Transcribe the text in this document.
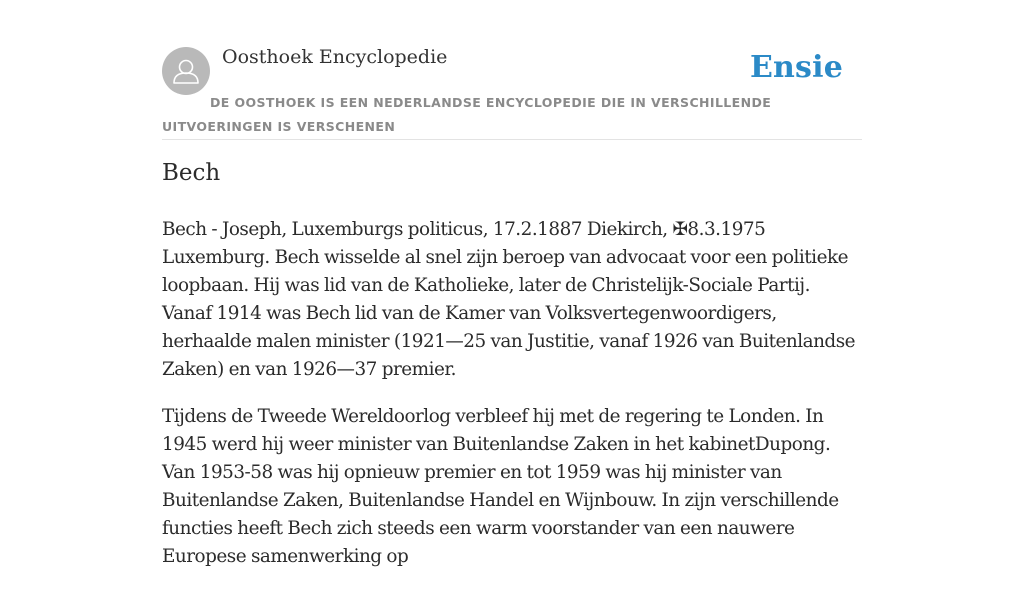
Oosthoek Encyclopedie	Ensie
DE OOSTHOEK IS EEN NEDERLANDSE ENCYCLOPEDIE DIE IN VERSCHILLENDE UITVOERINGEN IS VERSCHENEN
Bech

Bech - Joseph, Luxemburgs politicus, 17.2.1887 Diekirch, ✠8.3.1975 Luxemburg. Bech wisselde al snel zijn beroep van advocaat voor een politieke loopbaan. Hij was lid van de Katholieke, later de Christelijk-Sociale Partij. Vanaf 1914 was Bech lid van de Kamer van Volksvertegenwoordigers, herhaalde malen minister (1921—25 van Justitie, vanaf 1926 van Buitenlandse Zaken) en van 1926—37 premier.

Tijdens de Tweede Wereldoorlog verbleef hij met de regering te Londen. In 1945 werd hij weer minister van Buitenlandse Zaken in het kabinetDupong. Van 1953-58 was hij opnieuw premier en tot 1959 was hij minister van Buitenlandse Zaken, Buitenlandse Handel en Wijnbouw. In zijn verschillende functies heeft Bech zich steeds een warm voorstander van een nauwere Europese samenwerking op
